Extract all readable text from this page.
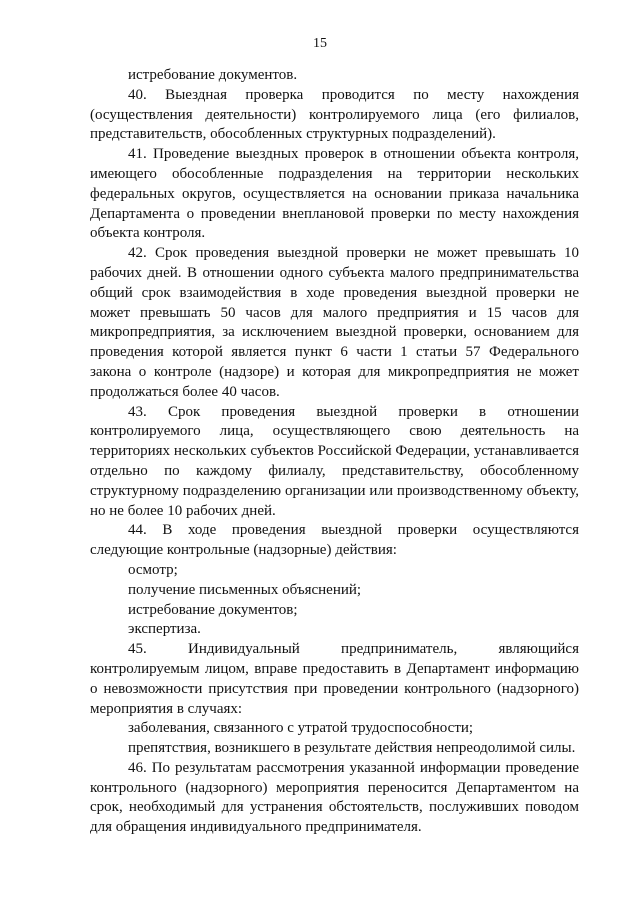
15

истребование документов.

40. Выездная проверка проводится по месту нахождения (осуществления деятельности) контролируемого лица (его филиалов, представительств, обособленных структурных подразделений).

41. Проведение выездных проверок в отношении объекта контроля, имеющего обособленные подразделения на территории нескольких федеральных округов, осуществляется на основании приказа начальника Департамента о проведении внеплановой проверки по месту нахождения объекта контроля.

42. Срок проведения выездной проверки не может превышать 10 рабочих дней. В отношении одного субъекта малого предпринимательства общий срок взаимодействия в ходе проведения выездной проверки не может превышать 50 часов для малого предприятия и 15 часов для микропредприятия, за исключением выездной проверки, основанием для проведения которой является пункт 6 части 1 статьи 57 Федерального закона о контроле (надзоре) и которая для микропредприятия не может продолжаться более 40 часов.

43. Срок проведения выездной проверки в отношении контролируемого лица, осуществляющего свою деятельность на территориях нескольких субъектов Российской Федерации, устанавливается отдельно по каждому филиалу, представительству, обособленному структурному подразделению организации или производственному объекту, но не более 10 рабочих дней.

44. В ходе проведения выездной проверки осуществляются следующие контрольные (надзорные) действия:

осмотр;

получение письменных объяснений;

истребование документов;

экспертиза.

45. Индивидуальный предприниматель, являющийся контролируемым лицом, вправе предоставить в Департамент информацию о невозможности присутствия при проведении контрольного (надзорного) мероприятия в случаях:

заболевания, связанного с утратой трудоспособности;

препятствия, возникшего в результате действия непреодолимой силы.

46. По результатам рассмотрения указанной информации проведение контрольного (надзорного) мероприятия переносится Департаментом на срок, необходимый для устранения обстоятельств, послуживших поводом для обращения индивидуального предпринимателя.
